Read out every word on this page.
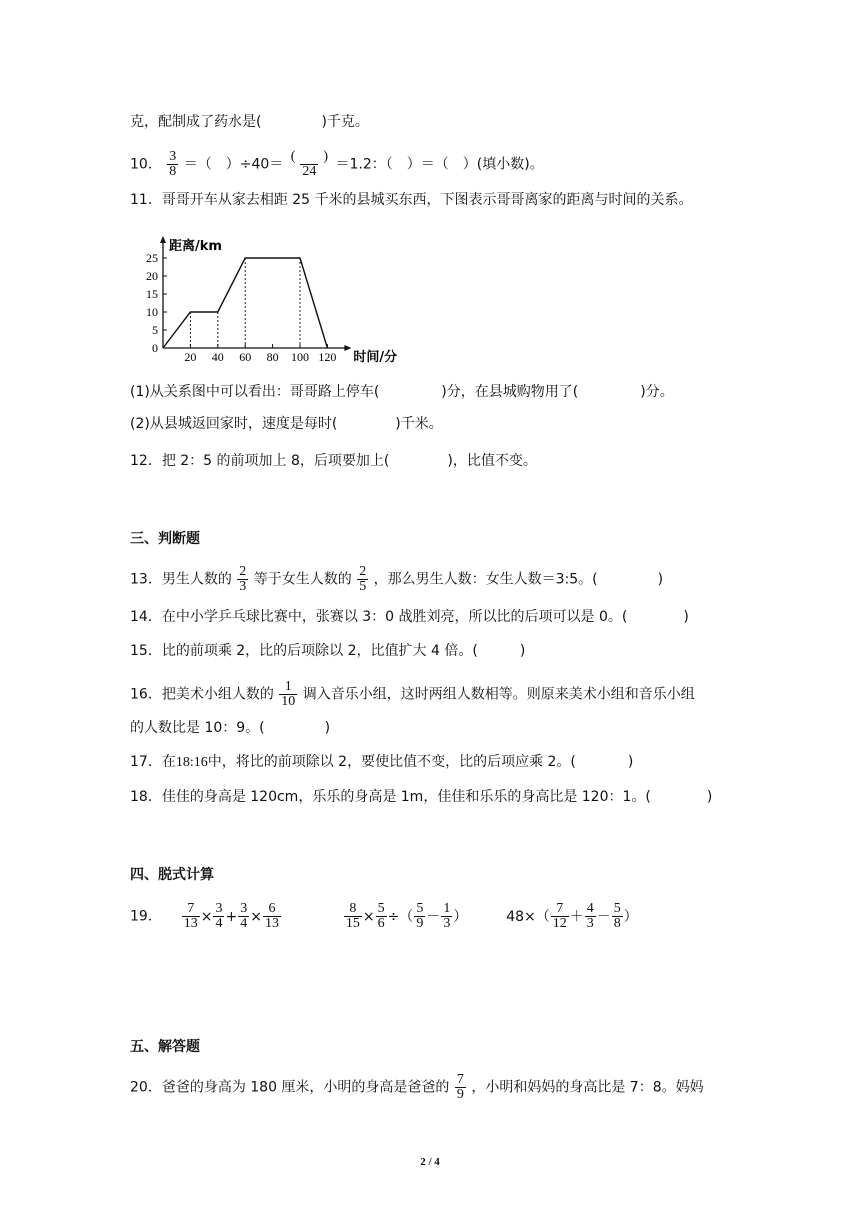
克，配制成了药水是(	)千克。
10． $\frac{3}{8}$ ＝（　）$\div 40= \frac{( )}{24} =1.2$：（　）＝（　）(填小数)。
11．哥哥开车从家去相距 25 千米的县城买东西，下图表示哥哥离家的距离与时间的关系。
0
5
10
15
20
25
20 40 60 80 100 120
距离/km
时间/分
(1)从关系图中可以看出：哥哥路上停车(	)分，在县城购物用了(	)分。
(2)从县城返回家时，速度是每时(	)千米。
12．把 2：5 的前项加上 8，后项要加上(	)，比值不变。
三、判断题
13．男生人数的 $\frac{2}{3}$ 等于女生人数的 $\frac{2}{5}$ ，那么男生人数：女生人数＝3:5。(	)
14．在中小学乒乓球比赛中，张赛以 3：0 战胜刘亮，所以比的后项可以是 0。(	)
15．比的前项乘 2，比的后项除以 2，比值扩大 4 倍。(	)
16．把美术小组人数的 $\frac{1}{10}$ 调入音乐小组，这时两组人数相等。则原来美术小组和音乐小组
的人数比是 10：9。(	)
17．在18:16中，将比的前项除以 2，要使比值不变，比的后项应乘 2。(	)
18．佳佳的身高是 120cm，乐乐的身高是 1m，佳佳和乐乐的身高比是 120：1。(	)
四、脱式计算
19． $\frac{7}{13} \times \frac{3}{4} + \frac{3}{4} \times \frac{6}{13}$
	$\frac{8}{15} \times \frac{5}{6}$ ÷（ $\frac{5}{9} - \frac{1}{3}$ ）	$48\times( \frac{7}{12} + \frac{4}{3} - \frac{5}{8}$ ）
五、解答题
20．爸爸的身高为 180 厘米，小明的身高是爸爸的 $\frac{7}{9}$ ，小明和妈妈的身高比是 7：8。妈妈
2 / 4
